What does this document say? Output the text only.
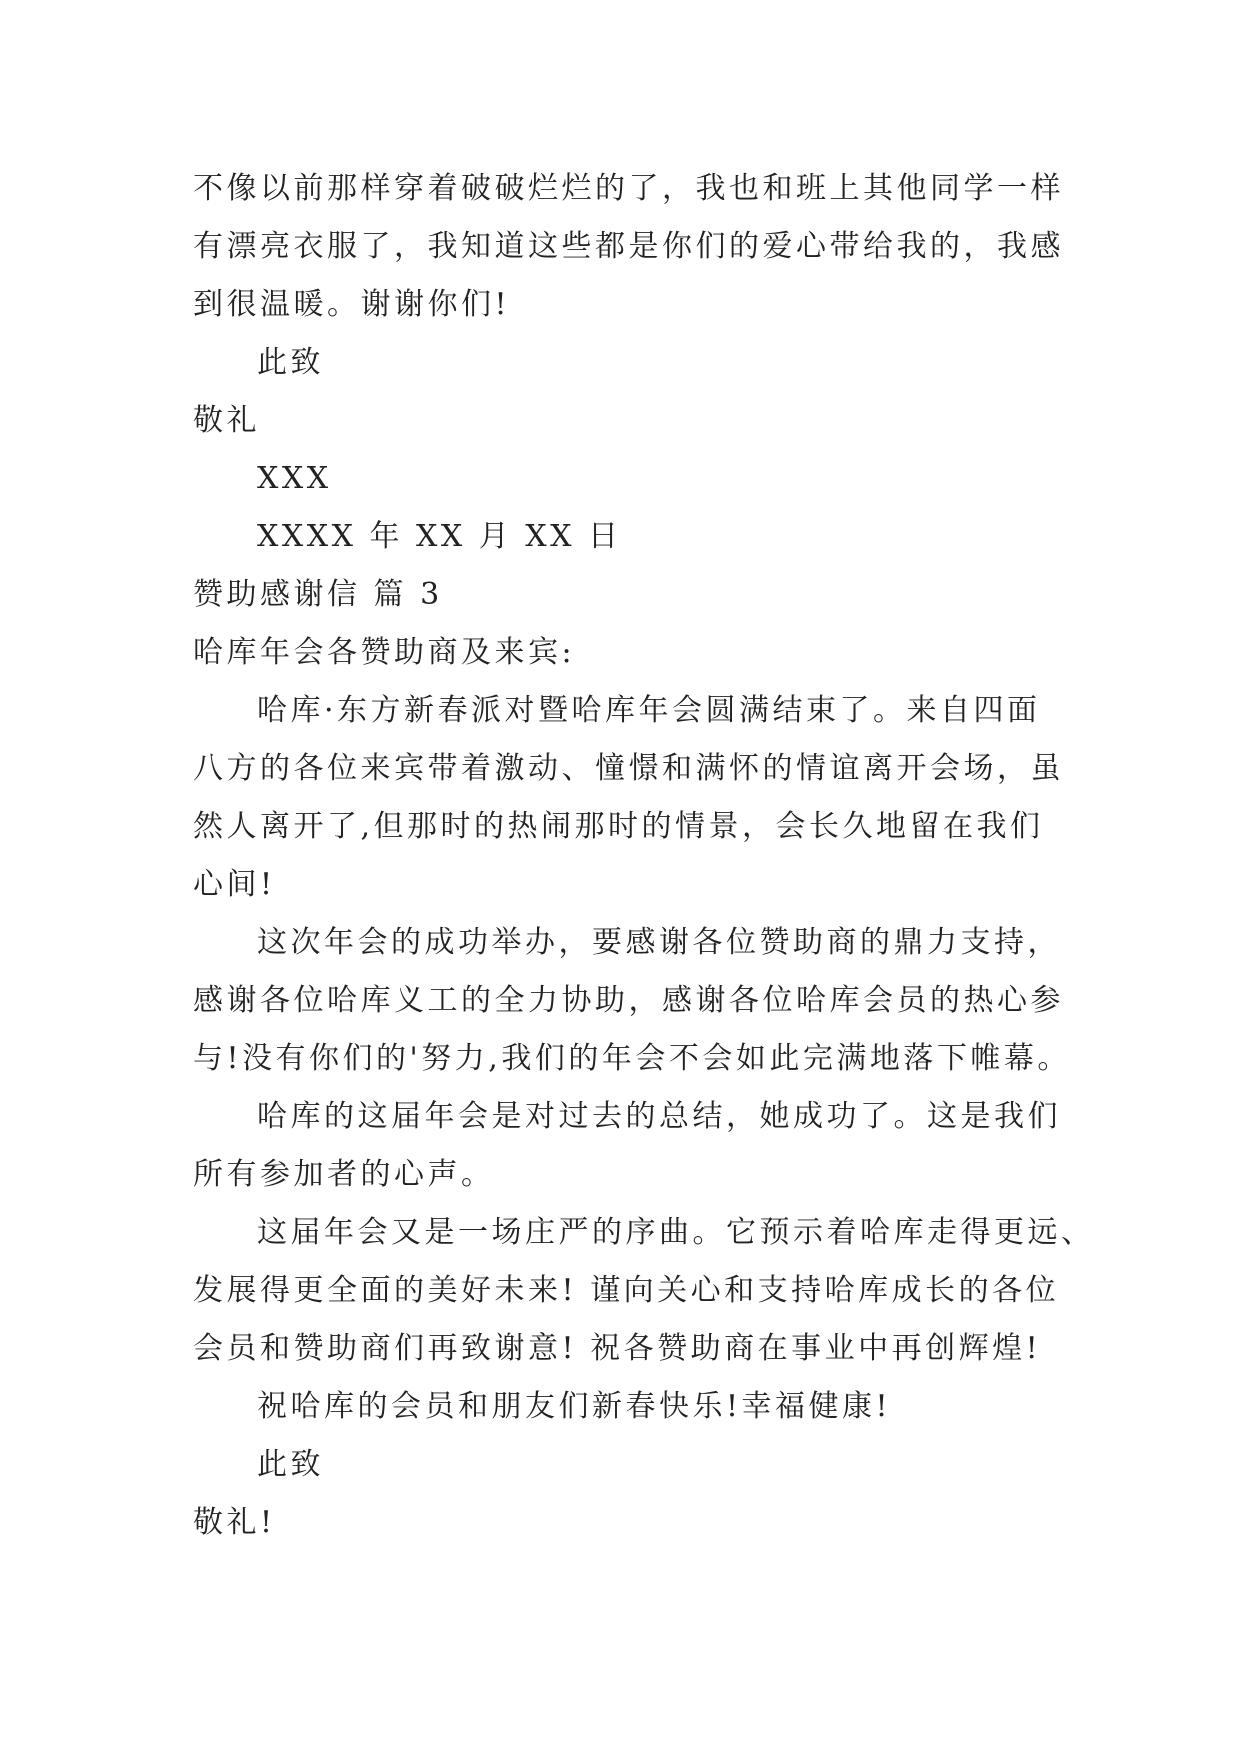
不像以前那样穿着破破烂烂的了，我也和班上其他同学一样
有漂亮衣服了，我知道这些都是你们的爱心带给我的，我感
到很温暖。谢谢你们!
此致
敬礼
XXX
XXXX 年 XX 月 XX 日
赞助感谢信 篇 3
哈库年会各赞助商及来宾:
哈库·东方新春派对暨哈库年会圆满结束了。来自四面
八方的各位来宾带着激动、憧憬和满怀的情谊离开会场，虽
然人离开了,但那时的热闹那时的情景，会长久地留在我们
心间!
这次年会的成功举办，要感谢各位赞助商的鼎力支持，
感谢各位哈库义工的全力协助，感谢各位哈库会员的热心参
与!没有你们的'努力,我们的年会不会如此完满地落下帷幕。
哈库的这届年会是对过去的总结，她成功了。这是我们
所有参加者的心声。
这届年会又是一场庄严的序曲。它预示着哈库走得更远、
发展得更全面的美好未来! 谨向关心和支持哈库成长的各位
会员和赞助商们再致谢意! 祝各赞助商在事业中再创辉煌!
祝哈库的会员和朋友们新春快乐!幸福健康!
此致
敬礼!
